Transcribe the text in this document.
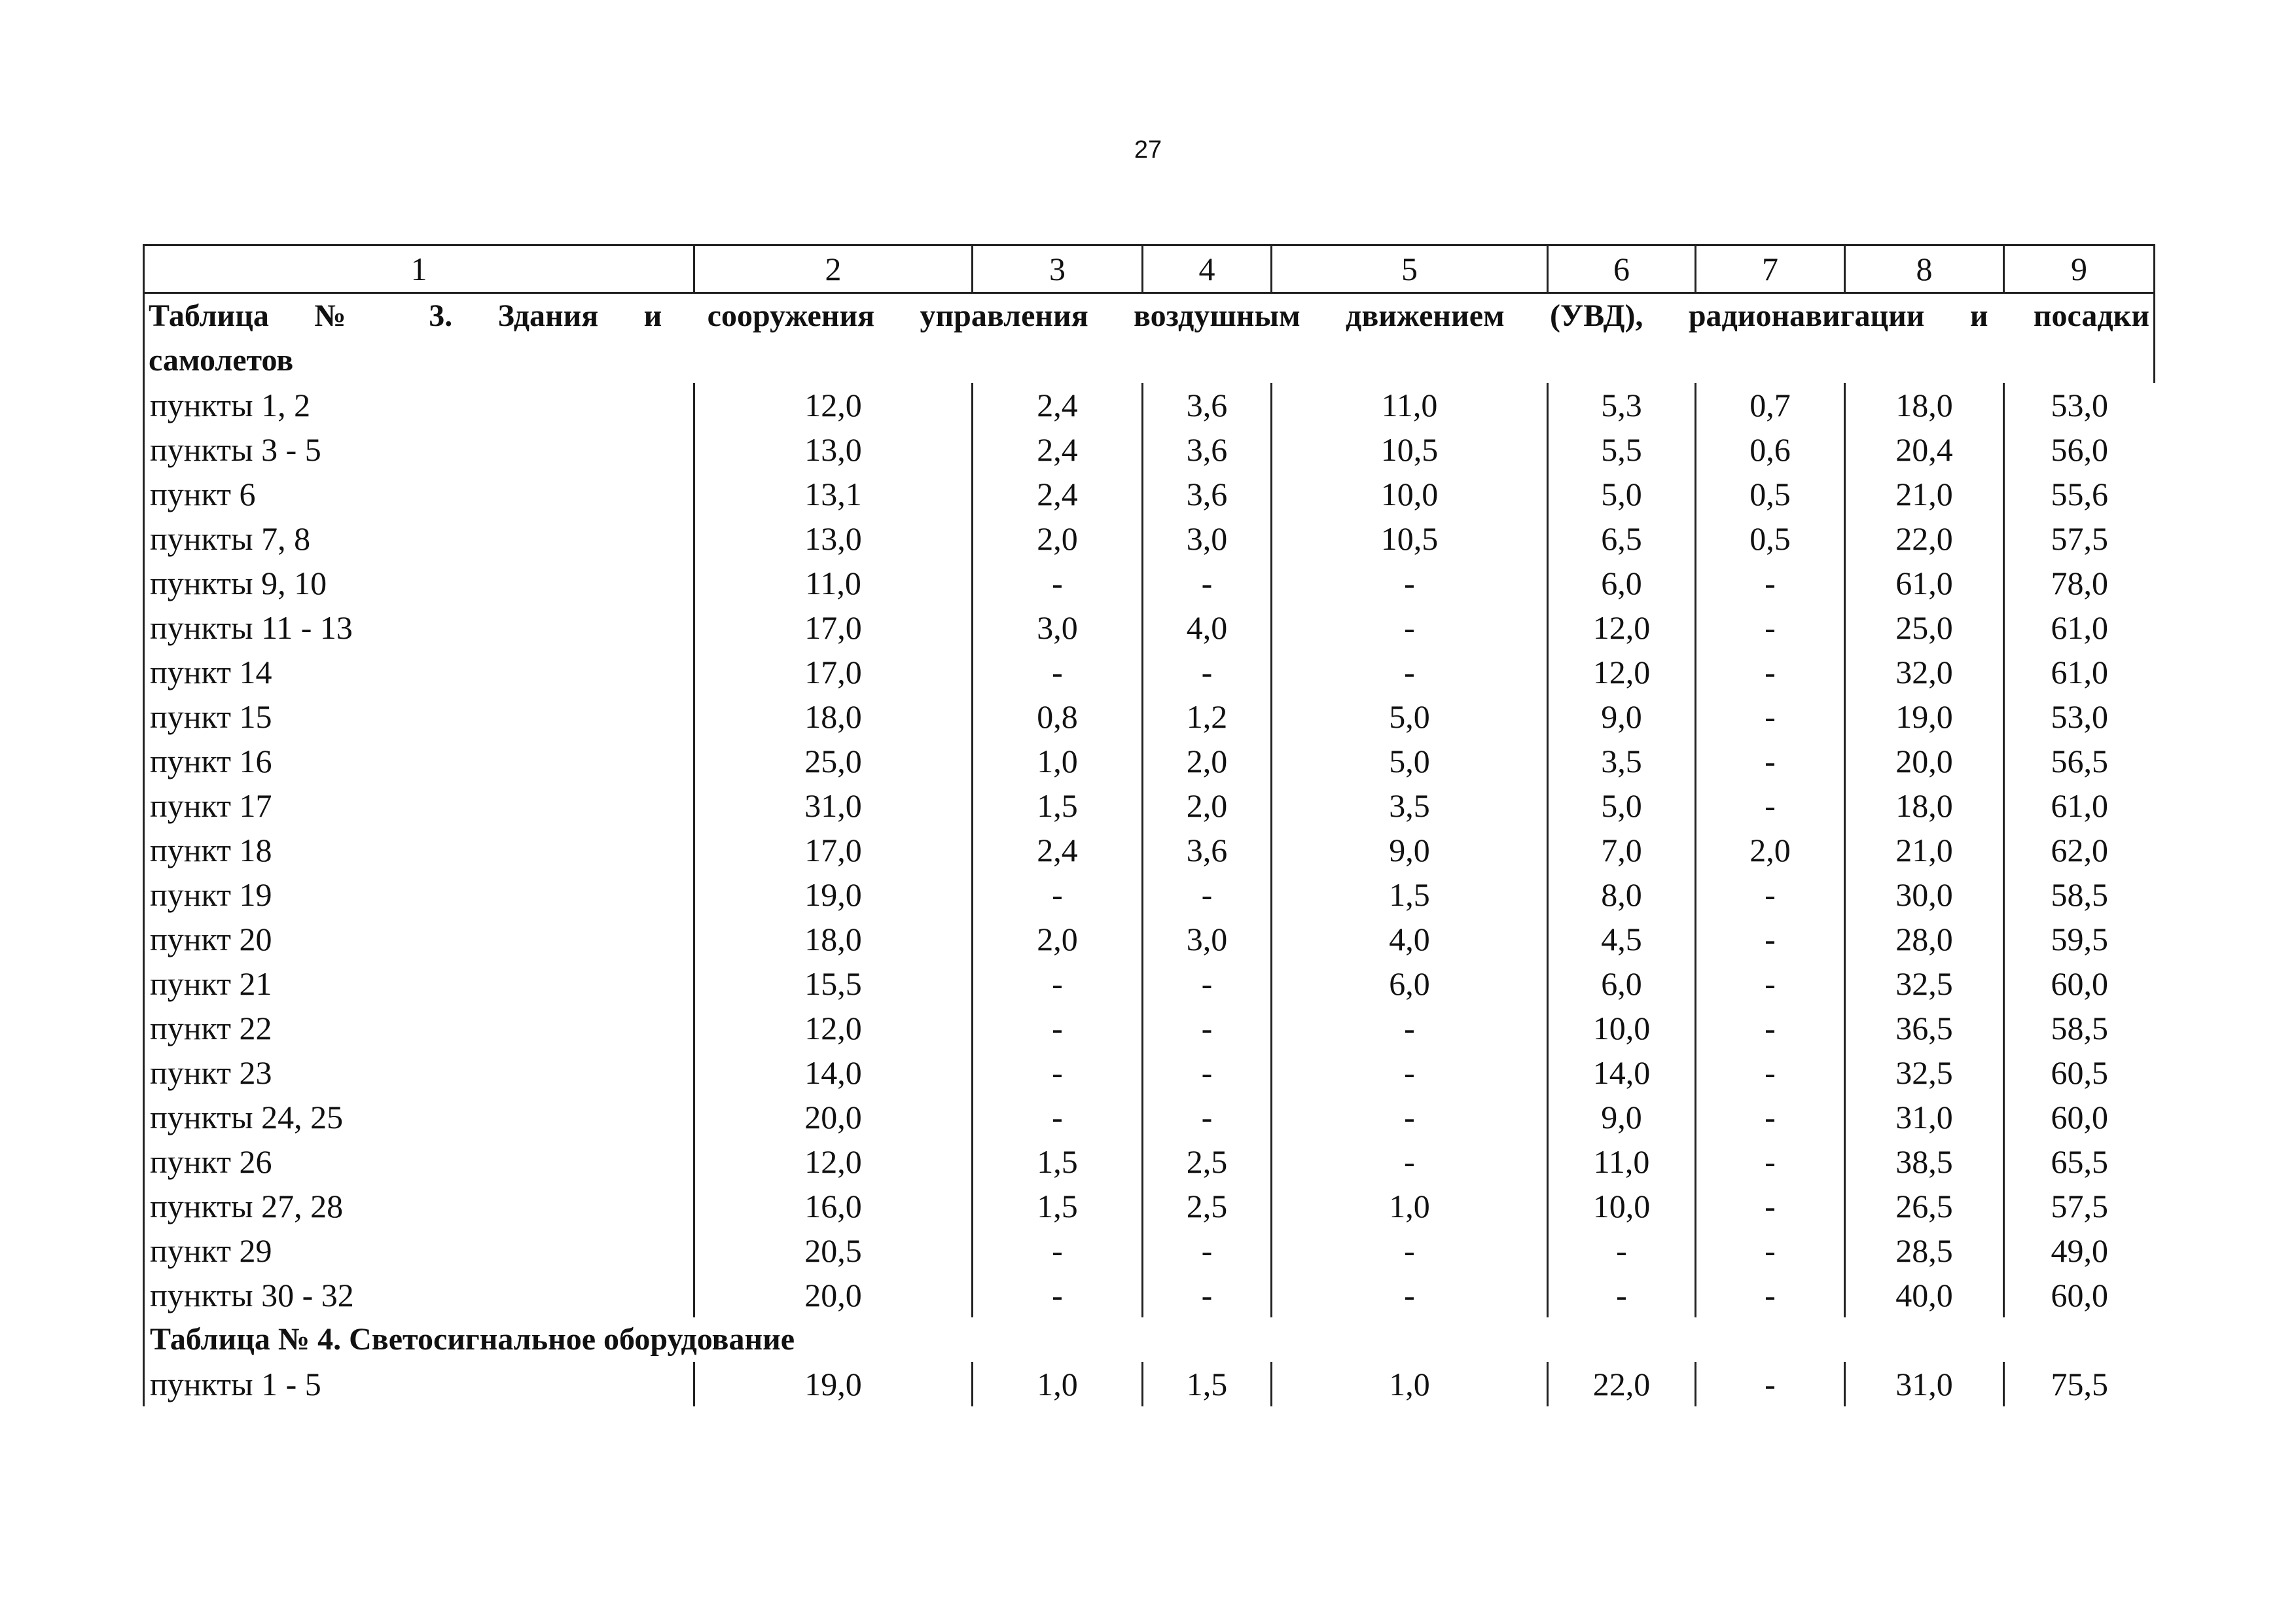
27
1	2	3	4	5	6	7	8	9
Таблица № 3. Здания и сооружения управления воздушным движением (УВД), радионавигации и посадки								
самолетов								
пункты 1, 2	12,0	2,4	3,6	11,0	5,3	0,7	18,0	53,0
пункты 3 - 5	13,0	2,4	3,6	10,5	5,5	0,6	20,4	56,0
пункт 6	13,1	2,4	3,6	10,0	5,0	0,5	21,0	55,6
пункты 7, 8	13,0	2,0	3,0	10,5	6,5	0,5	22,0	57,5
пункты 9, 10	11,0	-	-	-	6,0	-	61,0	78,0
пункты 11 - 13	17,0	3,0	4,0	-	12,0	-	25,0	61,0
пункт 14	17,0	-	-	-	12,0	-	32,0	61,0
пункт 15	18,0	0,8	1,2	5,0	9,0	-	19,0	53,0
пункт 16	25,0	1,0	2,0	5,0	3,5	-	20,0	56,5
пункт 17	31,0	1,5	2,0	3,5	5,0	-	18,0	61,0
пункт 18	17,0	2,4	3,6	9,0	7,0	2,0	21,0	62,0
пункт 19	19,0	-	-	1,5	8,0	-	30,0	58,5
пункт 20	18,0	2,0	3,0	4,0	4,5	-	28,0	59,5
пункт 21	15,5	-	-	6,0	6,0	-	32,5	60,0
пункт 22	12,0	-	-	-	10,0	-	36,5	58,5
пункт 23	14,0	-	-	-	14,0	-	32,5	60,5
пункты 24, 25	20,0	-	-	-	9,0	-	31,0	60,0
пункт 26	12,0	1,5	2,5	-	11,0	-	38,5	65,5
пункты 27, 28	16,0	1,5	2,5	1,0	10,0	-	26,5	57,5
пункт 29	20,5	-	-	-	-	-	28,5	49,0
пункты 30 - 32	20,0	-	-	-	-	-	40,0	60,0
Таблица № 4. Светосигнальное оборудование								
пункты 1 - 5	19,0	1,0	1,5	1,0	22,0	-	31,0	75,5
